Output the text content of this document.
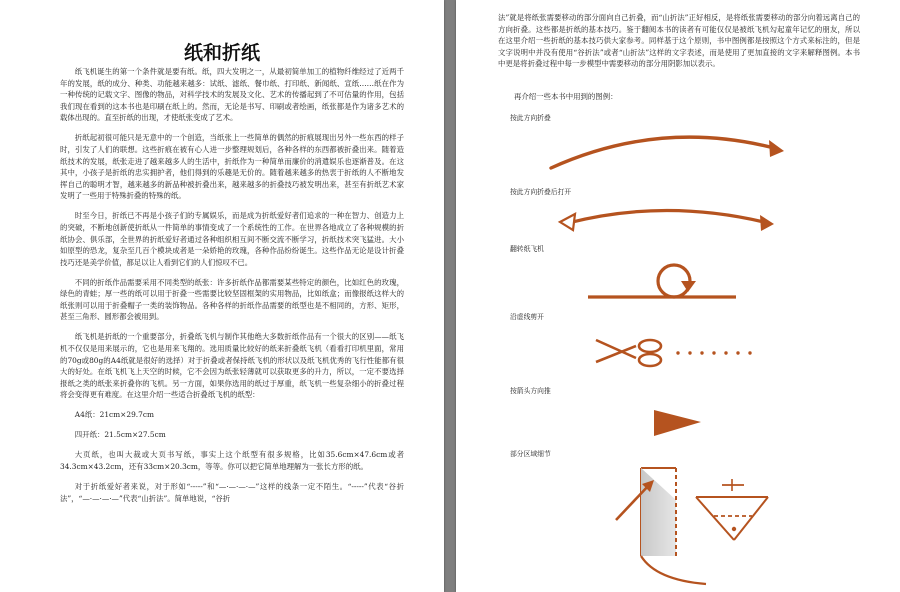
纸和折纸

纸飞机诞生的第一个条件就是要有纸。纸，四大发明之一，从最初简单加工的植物纤维经过了近两千年的发展，纸的成分、种类、功能越来越多：试纸、滤纸、餐巾纸、打印纸、新闻纸、宣纸……纸在作为一种传统的记载文字、图像的物品，对科学技术的发展及文化、艺术的传播起到了不可估量的作用，包括我们现在看到的这本书也是印刷在纸上的。然而，无论是书写、印刷或者绘画，纸张都是作为诸多艺术的载体出现的。直至折纸的出现，才使纸张变成了艺术。

折纸起初很可能只是无意中的一个创造，当纸张上一些简单的偶然的折痕展现出另外一些东西的样子时，引发了人们的联想。这些折痕在被有心人进一步整理规划后，各种各样的东西都被折叠出来。随着造纸技术的发展，纸张走进了越来越多人的生活中，折纸作为一种简单而廉价的消遣娱乐也逐渐普及。在这其中，小孩子是折纸的忠实拥护者，他们得到的乐趣是无价的。随着越来越多的热衷于折纸的人不断地发挥自己的聪明才智，越来越多的新品种被折叠出来，越来越多的折叠技巧被发明出来，甚至有折纸艺术家发明了一些用于特殊折叠的特殊的纸。

时至今日，折纸已不再是小孩子们的专属娱乐，而是成为折纸爱好者们追求的一种在智力、创造力上的突破，不断地创新使折纸从一件简单的事情变成了一个系统性的工作。在世界各地成立了各种规模的折纸协会、俱乐部，全世界的折纸爱好者通过各种组织相互间不断交流不断学习，折纸技术突飞猛进。大小如原型的恐龙，复杂至几百个模块成者是一朵娇艳的玫瑰，各种作品纷纷诞生。这些作品无论是设计折叠技巧还是美学价值，都足以让人看到它们的人们惊叹不已。

不同的折纸作品需要采用不同类型的纸张：许多折纸作品都需要某些特定的颜色，比如红色的玫瑰，绿色的青蛙；厚一些的纸可以用于折叠一些需要比较坚固框架的实用物品，比如纸盒；而像报纸这样大的纸张则可以用于折叠帽子一类的装饰物品。各种各样的折纸作品需要的纸型也是不相同的，方形、矩形，甚至三角形、圆形都会被用到。

纸飞机是折纸的一个重要部分，折叠纸飞机与制作其他绝大多数折纸作品有一个很大的区别——纸飞机不仅仅是用来展示的，它也是用来飞翔的。选用质量比较好的纸来折叠纸飞机（看看打印机里面，常用的70g或80g的A4纸就是很好的选择）对于折叠或者保持纸飞机的形状以及纸飞机优秀的飞行性能都有很大的好处。在纸飞机飞上天空的时候，它不会因为纸张轻薄就可以获取更多的升力，所以，一定不要选择报纸之类的纸张来折叠你的飞机。另一方面，如果你选用的纸过于厚重，纸飞机一些复杂细小的折叠过程将会变得更有难度。在这里介绍一些适合折叠纸飞机的纸型：

A4纸：21cm×29.7cm

四开纸：21.5cm×27.5cm

大页纸，也叫大裁或大页书写纸，事实上这个纸型有很多规格，比如35.6cm×47.6cm或者34.3cm×43.2cm，还有33cm×20.3cm，等等。你可以把它简单地理解为一张长方形的纸。

对于折纸爱好者来说，对于形如“-----”和“—·—·—·—”这样的线条一定不陌生。“-----”代表“谷折法”，“—·—·—·—”代表“山折法”。简单地说，“谷折

法”就是将纸张需要移动的部分面向自己折叠，而“山折法”正好相反，是将纸张需要移动的部分向着远离自己的方向折叠。这些都是折纸的基本技巧。鉴于翻阅本书的读者有可能仅仅是被纸飞机勾起童年记忆的朋友，所以在这里介绍一些折纸的基本技巧供大家参考。同样基于这个原则，书中图例都是按照这个方式来标注的，但是文字说明中并没有使用“谷折法”或者“山折法”这样的文字表述，而是使用了更加直接的文字来解释图例。本书中更是将折叠过程中每一步模型中需要移动的部分用阴影加以表示。

再介绍一些本书中用到的图例：
按此方向折叠
按此方向折叠后打开
翻转纸飞机
沿虚线剪开
按箭头方向推
部分区域细节
